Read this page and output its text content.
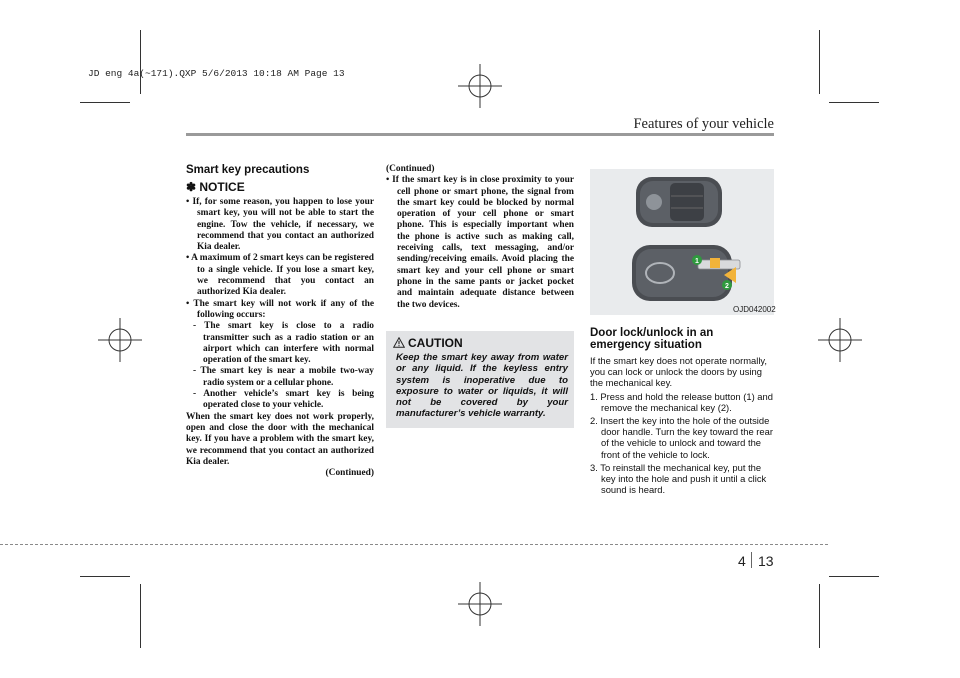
JD eng 4a(~171).QXP 5/6/2013 10:18 AM Page 13
Features of your vehicle

Smart key precautions

✽ NOTICE

• If, for some reason, you happen to lose your smart key, you will not be able to start the engine. Tow the vehicle, if necessary, we recommend that you contact an authorized Kia dealer.

• A maximum of 2 smart keys can be registered to a single vehicle. If you lose a smart key, we recommend that you contact an authorized Kia dealer.

• The smart key will not work if any of the following occurs:

- The smart key is close to a radio transmitter such as a radio station or an airport which can interfere with normal operation of the smart key.

- The smart key is near a mobile two-way radio system or a cellular phone.

- Another vehicle’s smart key is being operated close to your vehicle.

When the smart key does not work properly, open and close the door with the mechanical key. If you have a problem with the smart key, we recommend that you contact an authorized Kia dealer.

(Continued)

(Continued)

• If the smart key is in close proximity to your cell phone or smart phone, the signal from the smart key could be blocked by normal operation of your cell phone or smart phone. This is especially important when the phone is active such as making call, receiving calls, text messaging, and/or sending/receiving emails. Avoid placing the smart key and your cell phone or smart phone in the same pants or jacket pocket and maintain adequate distance between the two devices.

CAUTION
Keep the smart key away from water or any liquid. If the keyless entry system is inoperative due to exposure to water or liquids, it will not be covered by your manufacturer’s vehicle warranty.
1
2
OJD042002

Door lock/unlock in an emergency situation

If the smart key does not operate normally, you can lock or unlock the doors by using the mechanical key.

1. Press and hold the release button (1) and remove the mechanical key (2).

2. Insert the key into the hole of the outside door handle. Turn the key toward the rear of the vehicle to unlock and toward the front of the vehicle to lock.

3. To reinstall the mechanical key, put the key into the hole and push it until a click sound is heard.

4 13
